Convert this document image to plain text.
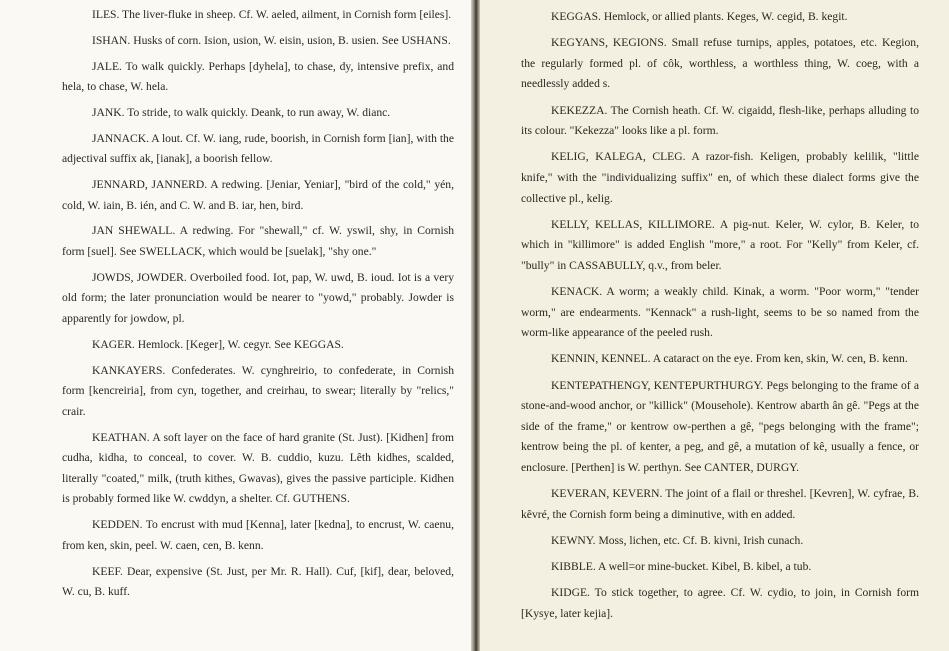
ILES. The liver-fluke in sheep. Cf. W. aeled, ailment, in Cornish form [eiles].

ISHAN. Husks of corn. Ision, usion, W. eisin, usion, B. usien. See USHANS.

JALE. To walk quickly. Perhaps [dyhela], to chase, dy, intensive prefix, and hela, to chase, W. hela.

JANK. To stride, to walk quickly. Deank, to run away, W. dianc.

JANNACK. A lout. Cf. W. iang, rude, boorish, in Cornish form [ian], with the adjectival suffix ak, [ianak], a boorish fellow.

JENNARD, JANNERD. A redwing. [Jeniar, Yeniar], "bird of the cold," yén, cold, W. iain, B. ién, and C. W. and B. iar, hen, bird.

JAN SHEWALL. A redwing. For "shewall," cf. W. yswil, shy, in Cornish form [suel]. See SWELLACK, which would be [suelak], "shy one."

JOWDS, JOWDER. Overboiled food. Iot, pap, W. uwd, B. ioud. Iot is a very old form; the later pronunciation would be nearer to "yowd," probably. Jowder is apparently for jowdow, pl.

KAGER. Hemlock. [Keger], W. cegyr. See KEGGAS.

KANKAYERS. Confederates. W. cynghreirio, to confederate, in Cornish form [kencreiria], from cyn, together, and creirhau, to swear; literally by "relics," crair.

KEATHAN. A soft layer on the face of hard granite (St. Just). [Kidhen] from cudha, kidha, to conceal, to cover. W. B. cuddio, kuzu. Lêth kidhes, scalded, literally "coated," milk, (truth kithes, Gwavas), gives the passive participle. Kidhen is probably formed like W. cwddyn, a shelter. Cf. GUTHENS.

KEDDEN. To encrust with mud [Kenna], later [kedna], to encrust, W. caenu, from ken, skin, peel. W. caen, cen, B. kenn.

KEEF. Dear, expensive (St. Just, per Mr. R. Hall). Cuf, [kif], dear, beloved, W. cu, B. kuff.

KEGGAS. Hemlock, or allied plants. Keges, W. cegid, B. kegit.

KEGYANS, KEGIONS. Small refuse turnips, apples, potatoes, etc. Kegion, the regularly formed pl. of côk, worthless, a worthless thing, W. coeg, with a needlessly added s.

KEKEZZA. The Cornish heath. Cf. W. cigaidd, flesh-like, perhaps alluding to its colour. "Kekezza" looks like a pl. form.

KELIG, KALEGA, CLEG. A razor-fish. Keligen, probably kelilik, "little knife," with the "individualizing suffix" en, of which these dialect forms give the collective pl., kelig.

KELLY, KELLAS, KILLIMORE. A pig-nut. Keler, W. cylor, B. Keler, to which in "killimore" is added English "more," a root. For "Kelly" from Keler, cf. "bully" in CASSABULLY, q.v., from beler.

KENACK. A worm; a weakly child. Kinak, a worm. "Poor worm," "tender worm," are endearments. "Kennack" a rush-light, seems to be so named from the worm-like appearance of the peeled rush.

KENNIN, KENNEL. A cataract on the eye. From ken, skin, W. cen, B. kenn.

KENTEPATHENGY, KENTEPURTHURGY. Pegs belonging to the frame of a stone-and-wood anchor, or "killick" (Mousehole). Kentrow abarth ân gê. "Pegs at the side of the frame," or kentrow ow-perthen a gê, "pegs belonging with the frame"; kentrow being the pl. of kenter, a peg, and gê, a mutation of kê, usually a fence, or enclosure. [Perthen] is W. perthyn. See CANTER, DURGY.

KEVERAN, KEVERN. The joint of a flail or threshel. [Kevren], W. cyfrae, B. kêvré, the Cornish form being a diminutive, with en added.

KEWNY. Moss, lichen, etc. Cf. B. kivni, Irish cunach.

KIBBLE. A well=or mine-bucket. Kibel, B. kibel, a tub.

KIDGE. To stick together, to agree. Cf. W. cydio, to join, in Cornish form [Kysye, later kejia].
